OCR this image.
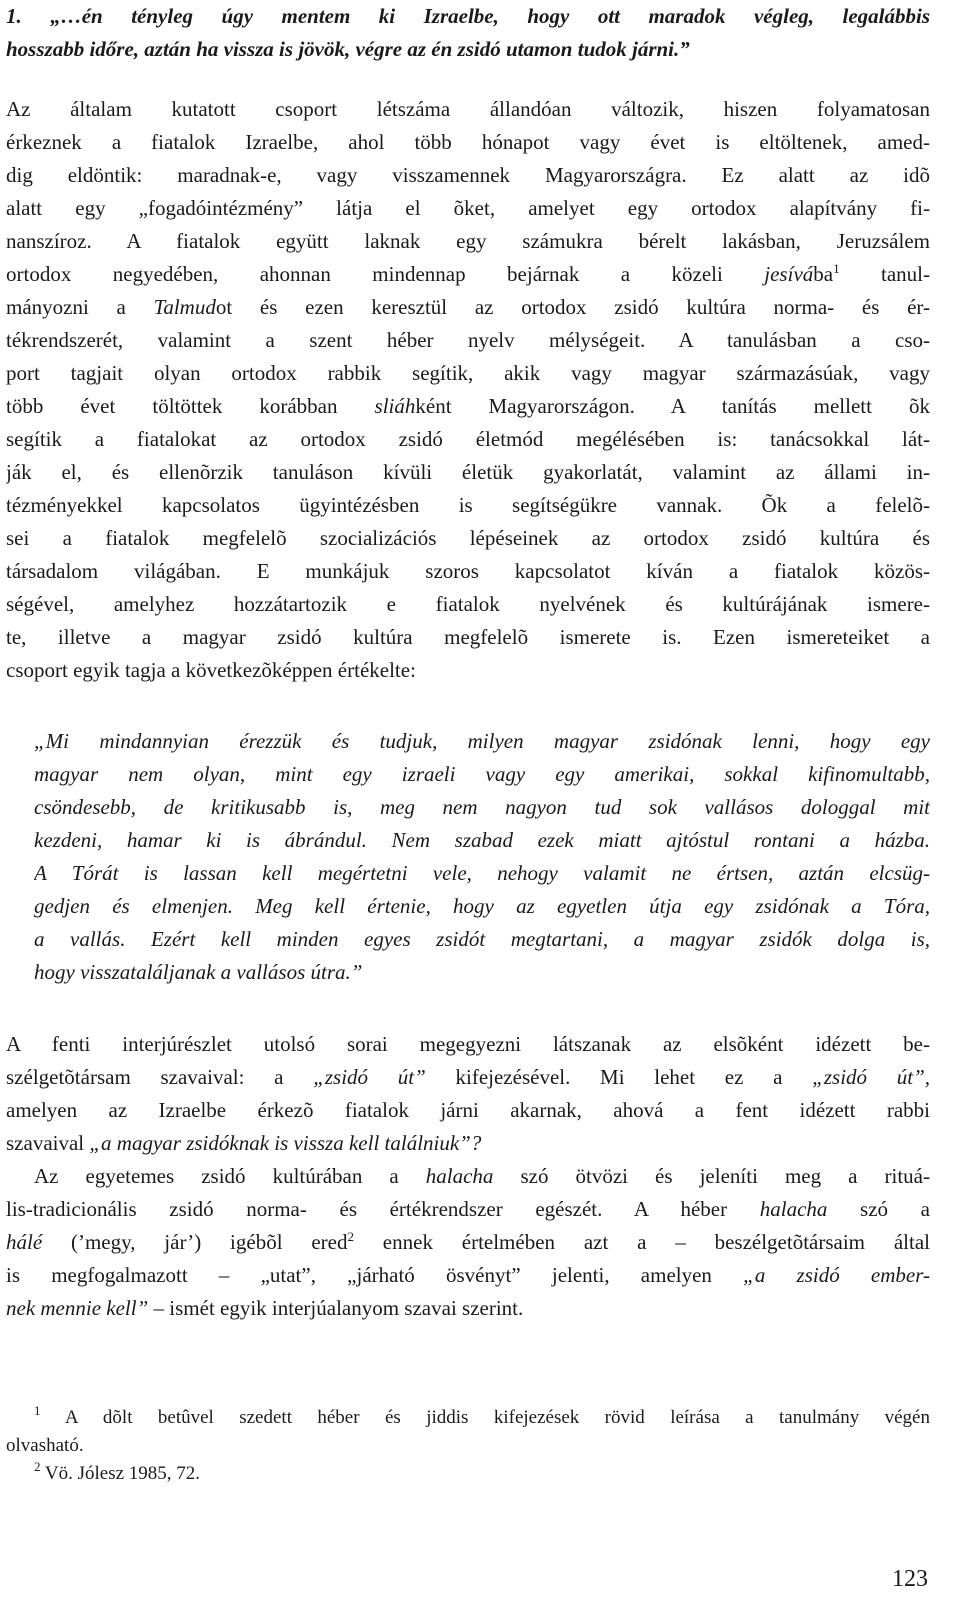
1. „…én tényleg úgy mentem ki Izraelbe, hogy ott maradok végleg, legalábbis
hosszabb időre, aztán ha vissza is jövök, végre az én zsidó utamon tudok járni.”
Az általam kutatott csoport létszáma állandóan változik, hiszen folyamatosan
érkeznek a fiatalok Izraelbe, ahol több hónapot vagy évet is eltöltenek, amed-
dig eldöntik: maradnak-e, vagy visszamennek Magyarországra. Ez alatt az idõ
alatt egy „fogadóintézmény” látja el õket, amelyet egy ortodox alapítvány fi-
nanszíroz. A fiatalok együtt laknak egy számukra bérelt lakásban, Jeruzsálem
ortodox negyedében, ahonnan mindennap bejárnak a közeli jesívába$^1$ tanul-
mányozni a Talmudot és ezen keresztül az ortodox zsidó kultúra norma- és ér-
tékrendszerét, valamint a szent héber nyelv mélységeit. A tanulásban a cso-
port tagjait olyan ortodox rabbik segítik, akik vagy magyar származásúak, vagy
több évet töltöttek korábban sliáhként Magyarországon. A tanítás mellett õk
segítik a fiatalokat az ortodox zsidó életmód megélésében is: tanácsokkal lát-
ják el, és ellenõrzik tanuláson kívüli életük gyakorlatát, valamint az állami in-
tézményekkel kapcsolatos ügyintézésben is segítségükre vannak. Õk a felelõ-
sei a fiatalok megfelelõ szocializációs lépéseinek az ortodox zsidó kultúra és
társadalom világában. E munkájuk szoros kapcsolatot kíván a fiatalok közös-
ségével, amelyhez hozzátartozik e fiatalok nyelvének és kultúrájának ismere-
te, illetve a magyar zsidó kultúra megfelelõ ismerete is. Ezen ismereteiket a
csoport egyik tagja a következõképpen értékelte:
„Mi mindannyian érezzük és tudjuk, milyen magyar zsidónak lenni, hogy egy
magyar nem olyan, mint egy izraeli vagy egy amerikai, sokkal kifinomultabb,
csöndesebb, de kritikusabb is, meg nem nagyon tud sok vallásos dologgal mit
kezdeni, hamar ki is ábrándul. Nem szabad ezek miatt ajtóstul rontani a házba.
A Tórát is lassan kell megértetni vele, nehogy valamit ne értsen, aztán elcsüg-
gedjen és elmenjen. Meg kell értenie, hogy az egyetlen útja egy zsidónak a Tóra,
a vallás. Ezért kell minden egyes zsidót megtartani, a magyar zsidók dolga is,
hogy visszataláljanak a vallásos útra.”
A fenti interjúrészlet utolsó sorai megegyezni látszanak az elsõként idézett be-
szélgetõtársam szavaival: a „zsidó út” kifejezésével. Mi lehet ez a „zsidó út”,
amelyen az Izraelbe érkezõ fiatalok járni akarnak, ahová a fent idézett rabbi
szavaival „a magyar zsidóknak is vissza kell találniuk”?
Az egyetemes zsidó kultúrában a halacha szó ötvözi és jeleníti meg a rituá-
lis-tradicionális zsidó norma- és értékrendszer egészét. A héber halacha szó a
hálé (’megy, jár’) igébõl ered$^2$ ennek értelmében azt a – beszélgetõtársaim által
is megfogalmazott – „utat”, „járható ösvényt” jelenti, amelyen „a zsidó ember-
nek mennie kell” – ismét egyik interjúalanyom szavai szerint.
$^1$ A dõlt betûvel szedett héber és jiddis kifejezések rövid leírása a tanulmány végén
olvasható.
$^2$ Vö. Jólesz 1985, 72.
123
